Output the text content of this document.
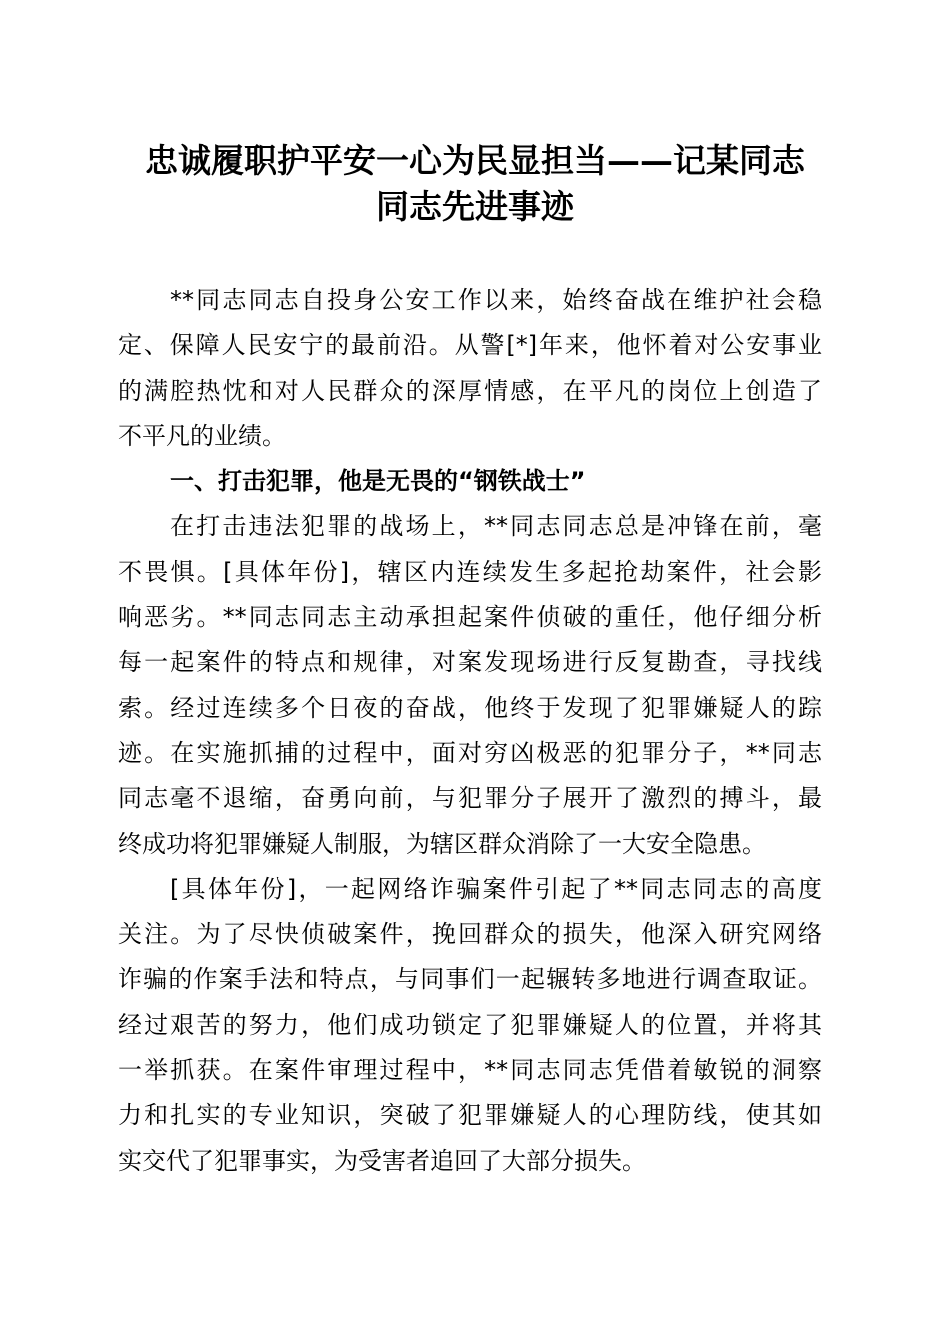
忠诚履职护平安一心为民显担当——记某同志
同志先进事迹
**同志同志自投身公安工作以来，始终奋战在维护社会稳
定、保障人民安宁的最前沿。从警[*]年来，他怀着对公安事业
的满腔热忱和对人民群众的深厚情感，在平凡的岗位上创造了
不平凡的业绩。
一、打击犯罪，他是无畏的“钢铁战士”
在打击违法犯罪的战场上，**同志同志总是冲锋在前，毫
不畏惧。[具体年份]，辖区内连续发生多起抢劫案件，社会影
响恶劣。**同志同志主动承担起案件侦破的重任，他仔细分析
每一起案件的特点和规律，对案发现场进行反复勘查，寻找线
索。经过连续多个日夜的奋战，他终于发现了犯罪嫌疑人的踪
迹。在实施抓捕的过程中，面对穷凶极恶的犯罪分子，**同志
同志毫不退缩，奋勇向前，与犯罪分子展开了激烈的搏斗，最
终成功将犯罪嫌疑人制服，为辖区群众消除了一大安全隐患。
[具体年份]，一起网络诈骗案件引起了**同志同志的高度
关注。为了尽快侦破案件，挽回群众的损失，他深入研究网络
诈骗的作案手法和特点，与同事们一起辗转多地进行调查取证。
经过艰苦的努力，他们成功锁定了犯罪嫌疑人的位置，并将其
一举抓获。在案件审理过程中，**同志同志凭借着敏锐的洞察
力和扎实的专业知识，突破了犯罪嫌疑人的心理防线，使其如
实交代了犯罪事实，为受害者追回了大部分损失。
